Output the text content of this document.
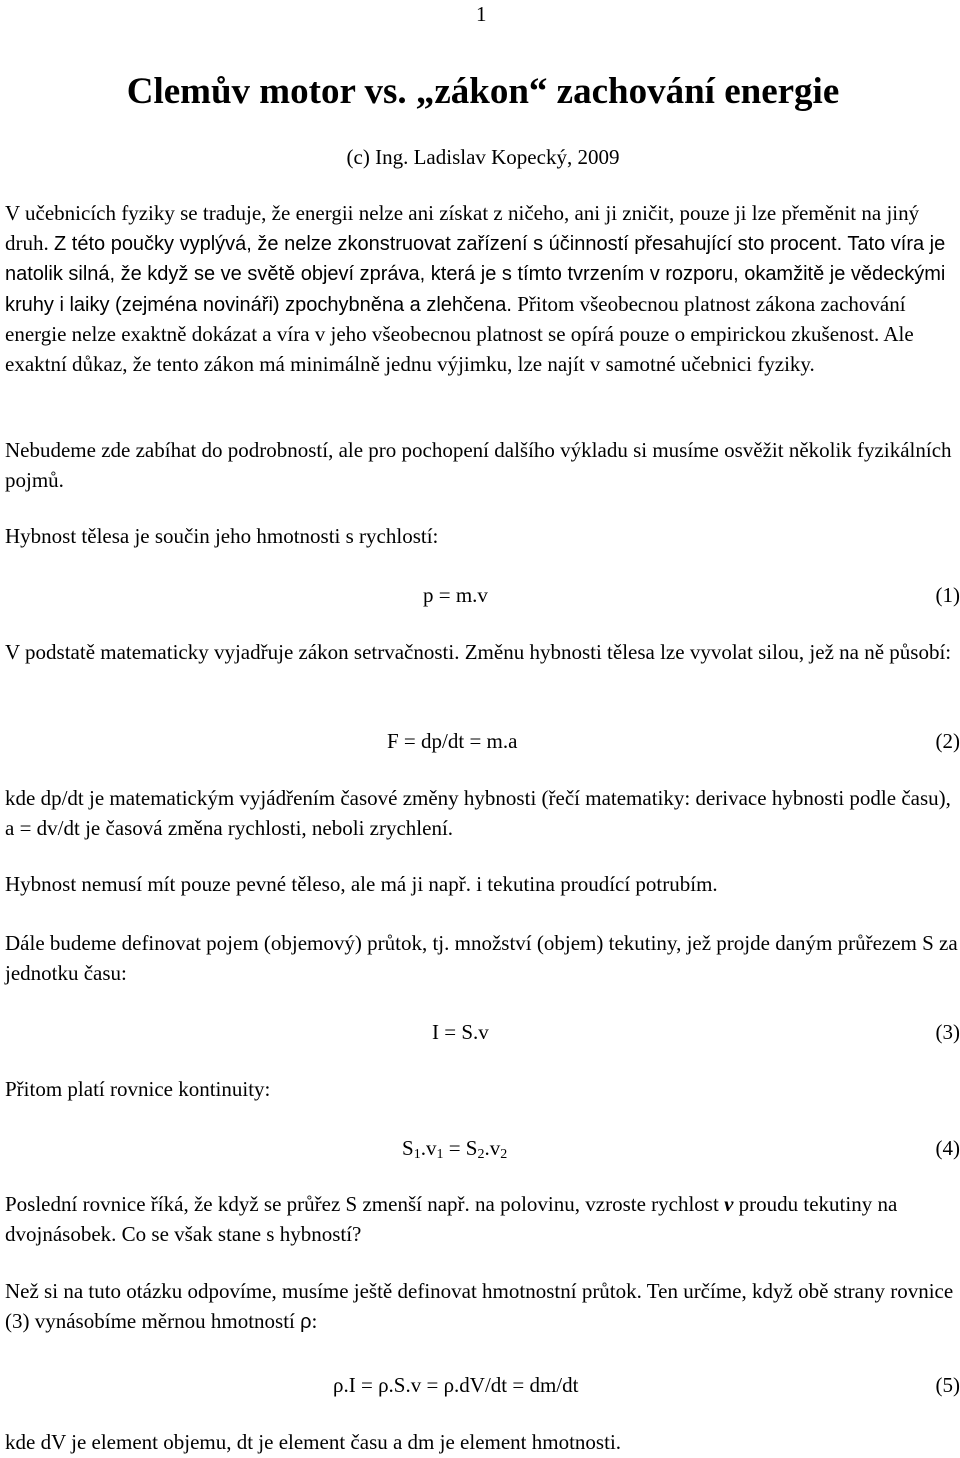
1
Clemův motor vs. „zákon“ zachování energie
(c) Ing. Ladislav Kopecký, 2009

V učebnicích fyziky se traduje, že energii nelze ani získat z ničeho, ani ji zničit, pouze ji lze přeměnit na jiný druh. Z této poučky vyplývá, že nelze zkonstruovat zařízení s účinností přesahující sto procent. Tato víra je natolik silná, že když se ve světě objeví zpráva, která je s tímto tvrzením v rozporu, okamžitě je vědeckými kruhy i laiky (zejména novináři) zpochybněna a zlehčena. Přitom všeobecnou platnost zákona zachování energie nelze exaktně dokázat a víra v jeho všeobecnou platnost se opírá pouze o empirickou zkušenost. Ale exaktní důkaz, že tento zákon má minimálně jednu výjimku, lze najít v samotné učebnici fyziky.

Nebudeme zde zabíhat do podrobností, ale pro pochopení dalšího výkladu si musíme osvěžit několik fyzikálních pojmů.

Hybnost tělesa je součin jeho hmotnosti s rychlostí:

p = m.v	(1)

V podstatě matematicky vyjadřuje zákon setrvačnosti. Změnu hybnosti tělesa lze vyvolat silou, jež na ně působí:

F = dp/dt = m.a	(2)

kde dp/dt je matematickým vyjádřením časové změny hybnosti (řečí matematiky: derivace hybnosti podle času), a = dv/dt je časová změna rychlosti, neboli zrychlení.

Hybnost nemusí mít pouze pevné těleso, ale má ji např. i tekutina proudící potrubím.

Dále budeme definovat pojem (objemový) průtok, tj. množství (objem) tekutiny, jež projde daným průřezem S za jednotku času:

I = S.v	(3)

Přitom platí rovnice kontinuity:

$S_1.v_1 = S_2.v_2$	(4)

Poslední rovnice říká, že když se průřez S zmenší např. na polovinu, vzroste rychlost v proudu tekutiny na dvojnásobek. Co se však stane s hybností?

Než si na tuto otázku odpovíme, musíme ještě definovat hmotnostní průtok. Ten určíme, když obě strany rovnice (3) vynásobíme měrnou hmotností ρ:

ρ.I = ρ.S.v = ρ.dV/dt = dm/dt	(5)

kde dV je element objemu, dt je element času a dm je element hmotnosti.
